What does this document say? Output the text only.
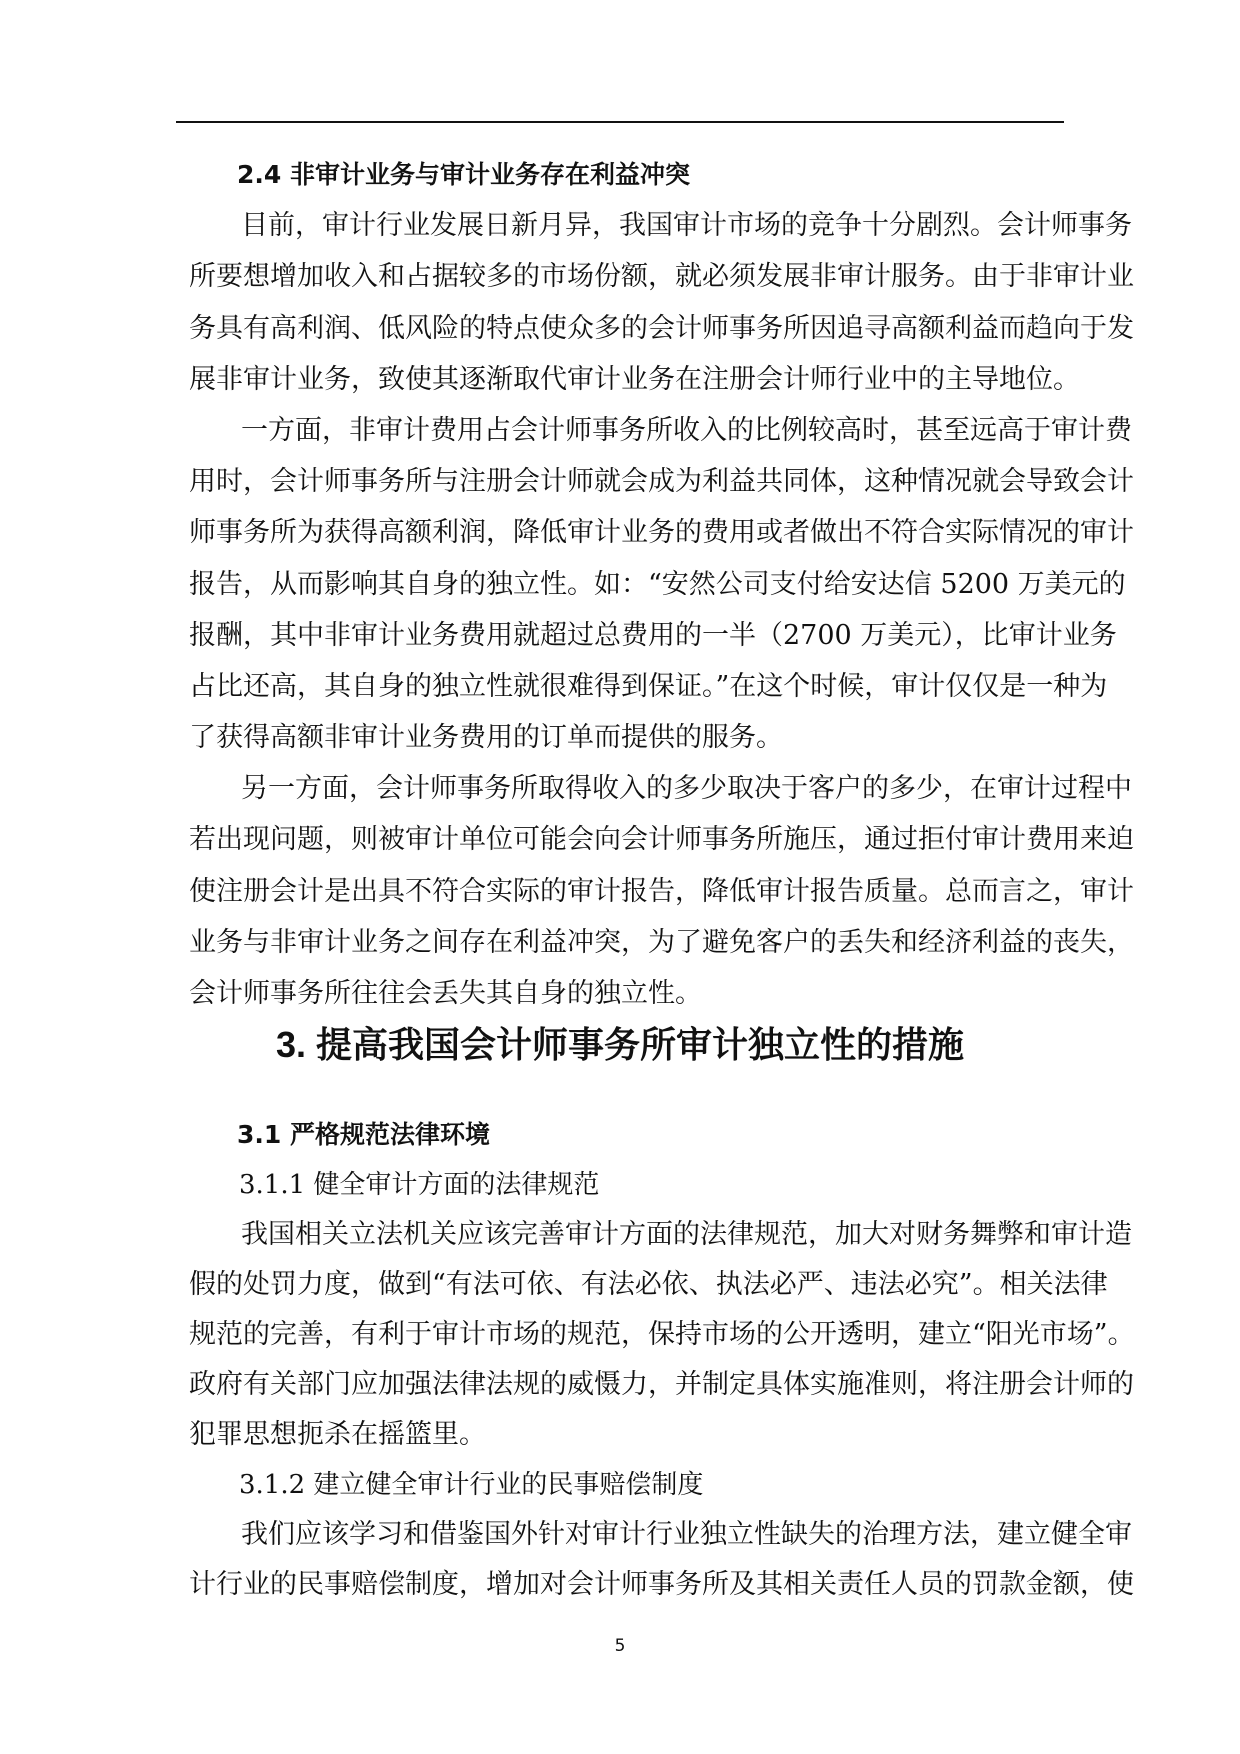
2.4 非审计业务与审计业务存在利益冲突
目前，审计行业发展日新月异，我国审计市场的竞争十分剧烈。会计师事务
所要想增加收入和占据较多的市场份额，就必须发展非审计服务。由于非审计业
务具有高利润、低风险的特点使众多的会计师事务所因追寻高额利益而趋向于发
展非审计业务，致使其逐渐取代审计业务在注册会计师行业中的主导地位。
一方面，非审计费用占会计师事务所收入的比例较高时，甚至远高于审计费
用时，会计师事务所与注册会计师就会成为利益共同体，这种情况就会导致会计
师事务所为获得高额利润，降低审计业务的费用或者做出不符合实际情况的审计
报告，从而影响其自身的独立性。如：“安然公司支付给安达信 5200 万美元的
报酬，其中非审计业务费用就超过总费用的一半（2700 万美元），比审计业务
占比还高，其自身的独立性就很难得到保证。”在这个时候，审计仅仅是一种为
了获得高额非审计业务费用的订单而提供的服务。
另一方面，会计师事务所取得收入的多少取决于客户的多少，在审计过程中
若出现问题，则被审计单位可能会向会计师事务所施压，通过拒付审计费用来迫
使注册会计是出具不符合实际的审计报告，降低审计报告质量。总而言之，审计
业务与非审计业务之间存在利益冲突，为了避免客户的丢失和经济利益的丧失，
会计师事务所往往会丢失其自身的独立性。
3. 提高我国会计师事务所审计独立性的措施
3.1 严格规范法律环境
3.1.1 健全审计方面的法律规范
我国相关立法机关应该完善审计方面的法律规范，加大对财务舞弊和审计造
假的处罚力度，做到“有法可依、有法必依、执法必严、违法必究”。相关法律
规范的完善，有利于审计市场的规范，保持市场的公开透明，建立“阳光市场”。
政府有关部门应加强法律法规的威慑力，并制定具体实施准则，将注册会计师的
犯罪思想扼杀在摇篮里。
3.1.2 建立健全审计行业的民事赔偿制度
我们应该学习和借鉴国外针对审计行业独立性缺失的治理方法，建立健全审
计行业的民事赔偿制度，增加对会计师事务所及其相关责任人员的罚款金额，使
5
